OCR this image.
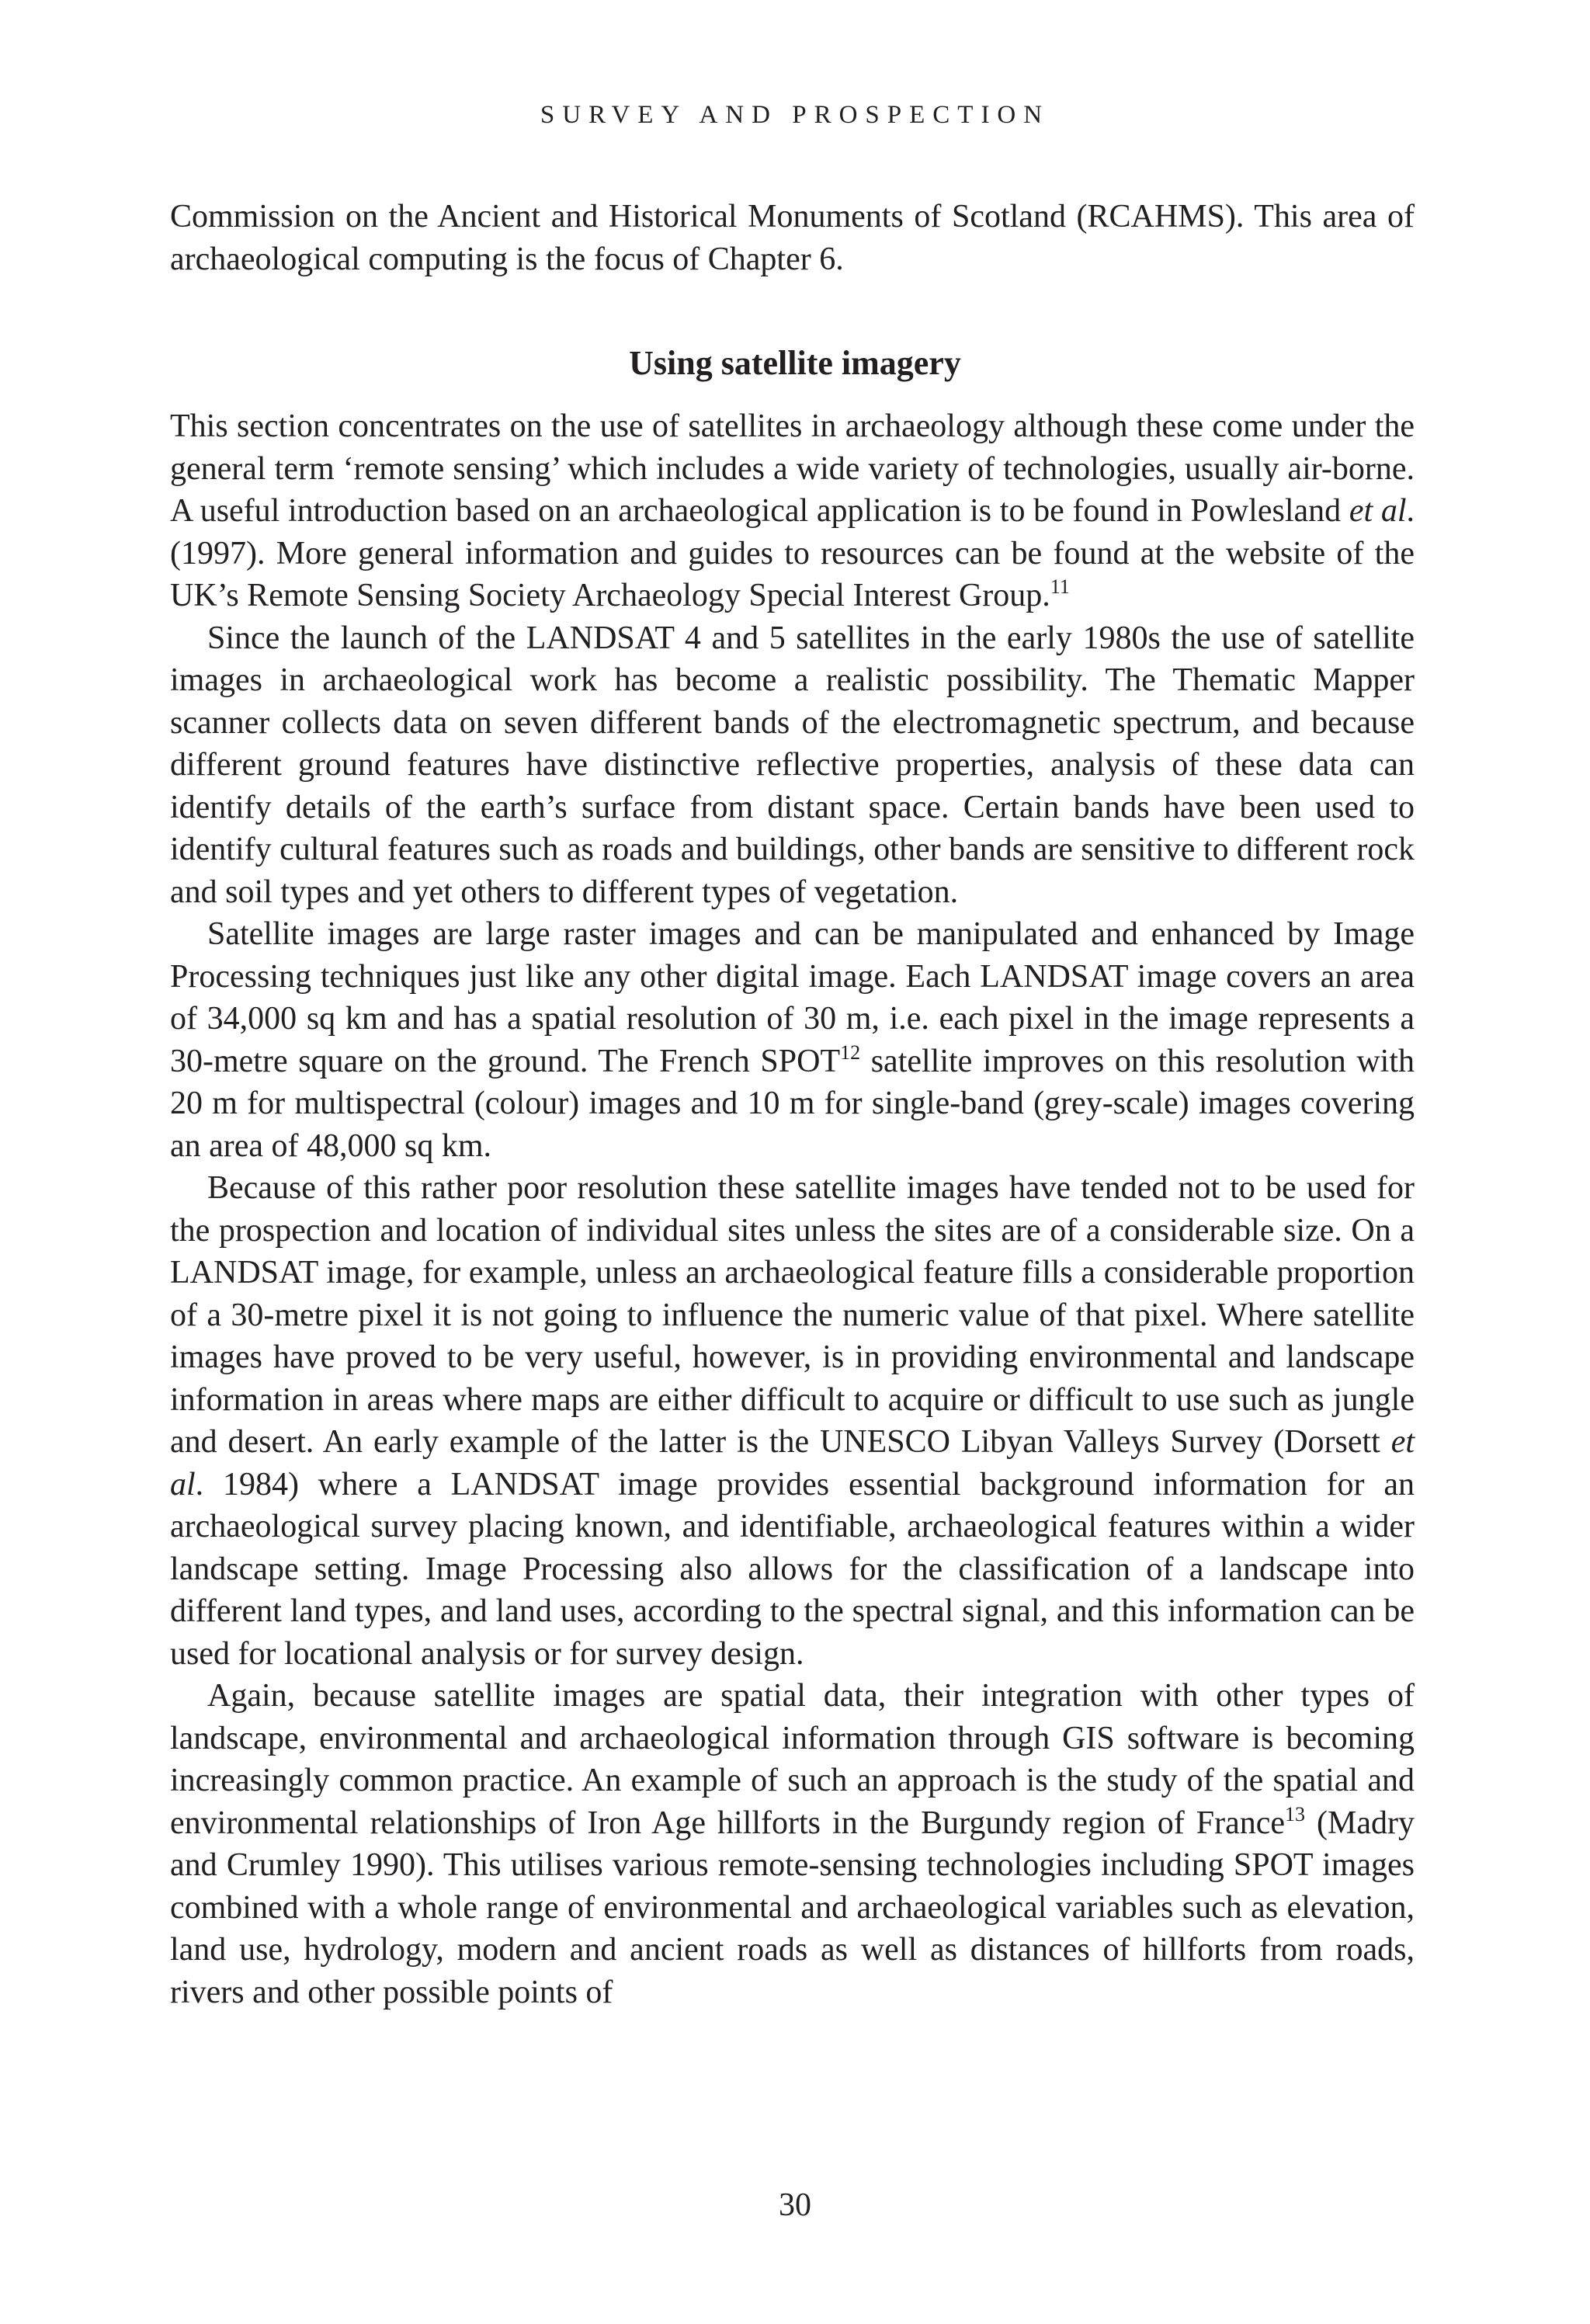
SURVEY AND PROSPECTION

Commission on the Ancient and Historical Monuments of Scotland (RCAHMS). This area of archaeological computing is the focus of Chapter 6.

Using satellite imagery

This section concentrates on the use of satellites in archaeology although these come under the general term ‘remote sensing’ which includes a wide variety of technologies, usually air-borne. A useful introduction based on an archaeological application is to be found in Powlesland et al. (1997). More general information and guides to resources can be found at the website of the UK’s Remote Sensing Society Archaeology Special Interest Group.$^{11}$

Since the launch of the LANDSAT 4 and 5 satellites in the early 1980s the use of satellite images in archaeological work has become a realistic possibility. The Thematic Mapper scanner collects data on seven different bands of the electromagnetic spectrum, and because different ground features have distinctive reflective properties, analysis of these data can identify details of the earth’s surface from distant space. Certain bands have been used to identify cultural features such as roads and buildings, other bands are sensitive to different rock and soil types and yet others to different types of vegetation.

Satellite images are large raster images and can be manipulated and enhanced by Image Processing techniques just like any other digital image. Each LANDSAT image covers an area of 34,000 sq km and has a spatial resolution of 30 m, i.e. each pixel in the image represents a 30-metre square on the ground. The French SPOT$^{12}$ satellite improves on this resolution with 20 m for multispectral (colour) images and 10 m for single-band (grey-scale) images covering an area of 48,000 sq km.

Because of this rather poor resolution these satellite images have tended not to be used for the prospection and location of individual sites unless the sites are of a considerable size. On a LANDSAT image, for example, unless an archaeological feature fills a considerable proportion of a 30-metre pixel it is not going to influence the numeric value of that pixel. Where satellite images have proved to be very useful, however, is in providing environmental and landscape information in areas where maps are either difficult to acquire or difficult to use such as jungle and desert. An early example of the latter is the UNESCO Libyan Valleys Survey (Dorsett et al. 1984) where a LANDSAT image provides essential background information for an archaeological survey placing known, and identifiable, archaeological features within a wider landscape setting. Image Processing also allows for the classification of a landscape into different land types, and land uses, according to the spectral signal, and this information can be used for locational analysis or for survey design.

Again, because satellite images are spatial data, their integration with other types of landscape, environmental and archaeological information through GIS software is becoming increasingly common practice. An example of such an approach is the study of the spatial and environmental relationships of Iron Age hillforts in the Burgundy region of France$^{13}$ (Madry and Crumley 1990). This utilises various remote-sensing technologies including SPOT images combined with a whole range of environmental and archaeological variables such as elevation, land use, hydrology, modern and ancient roads as well as distances of hillforts from roads, rivers and other possible points of

30
